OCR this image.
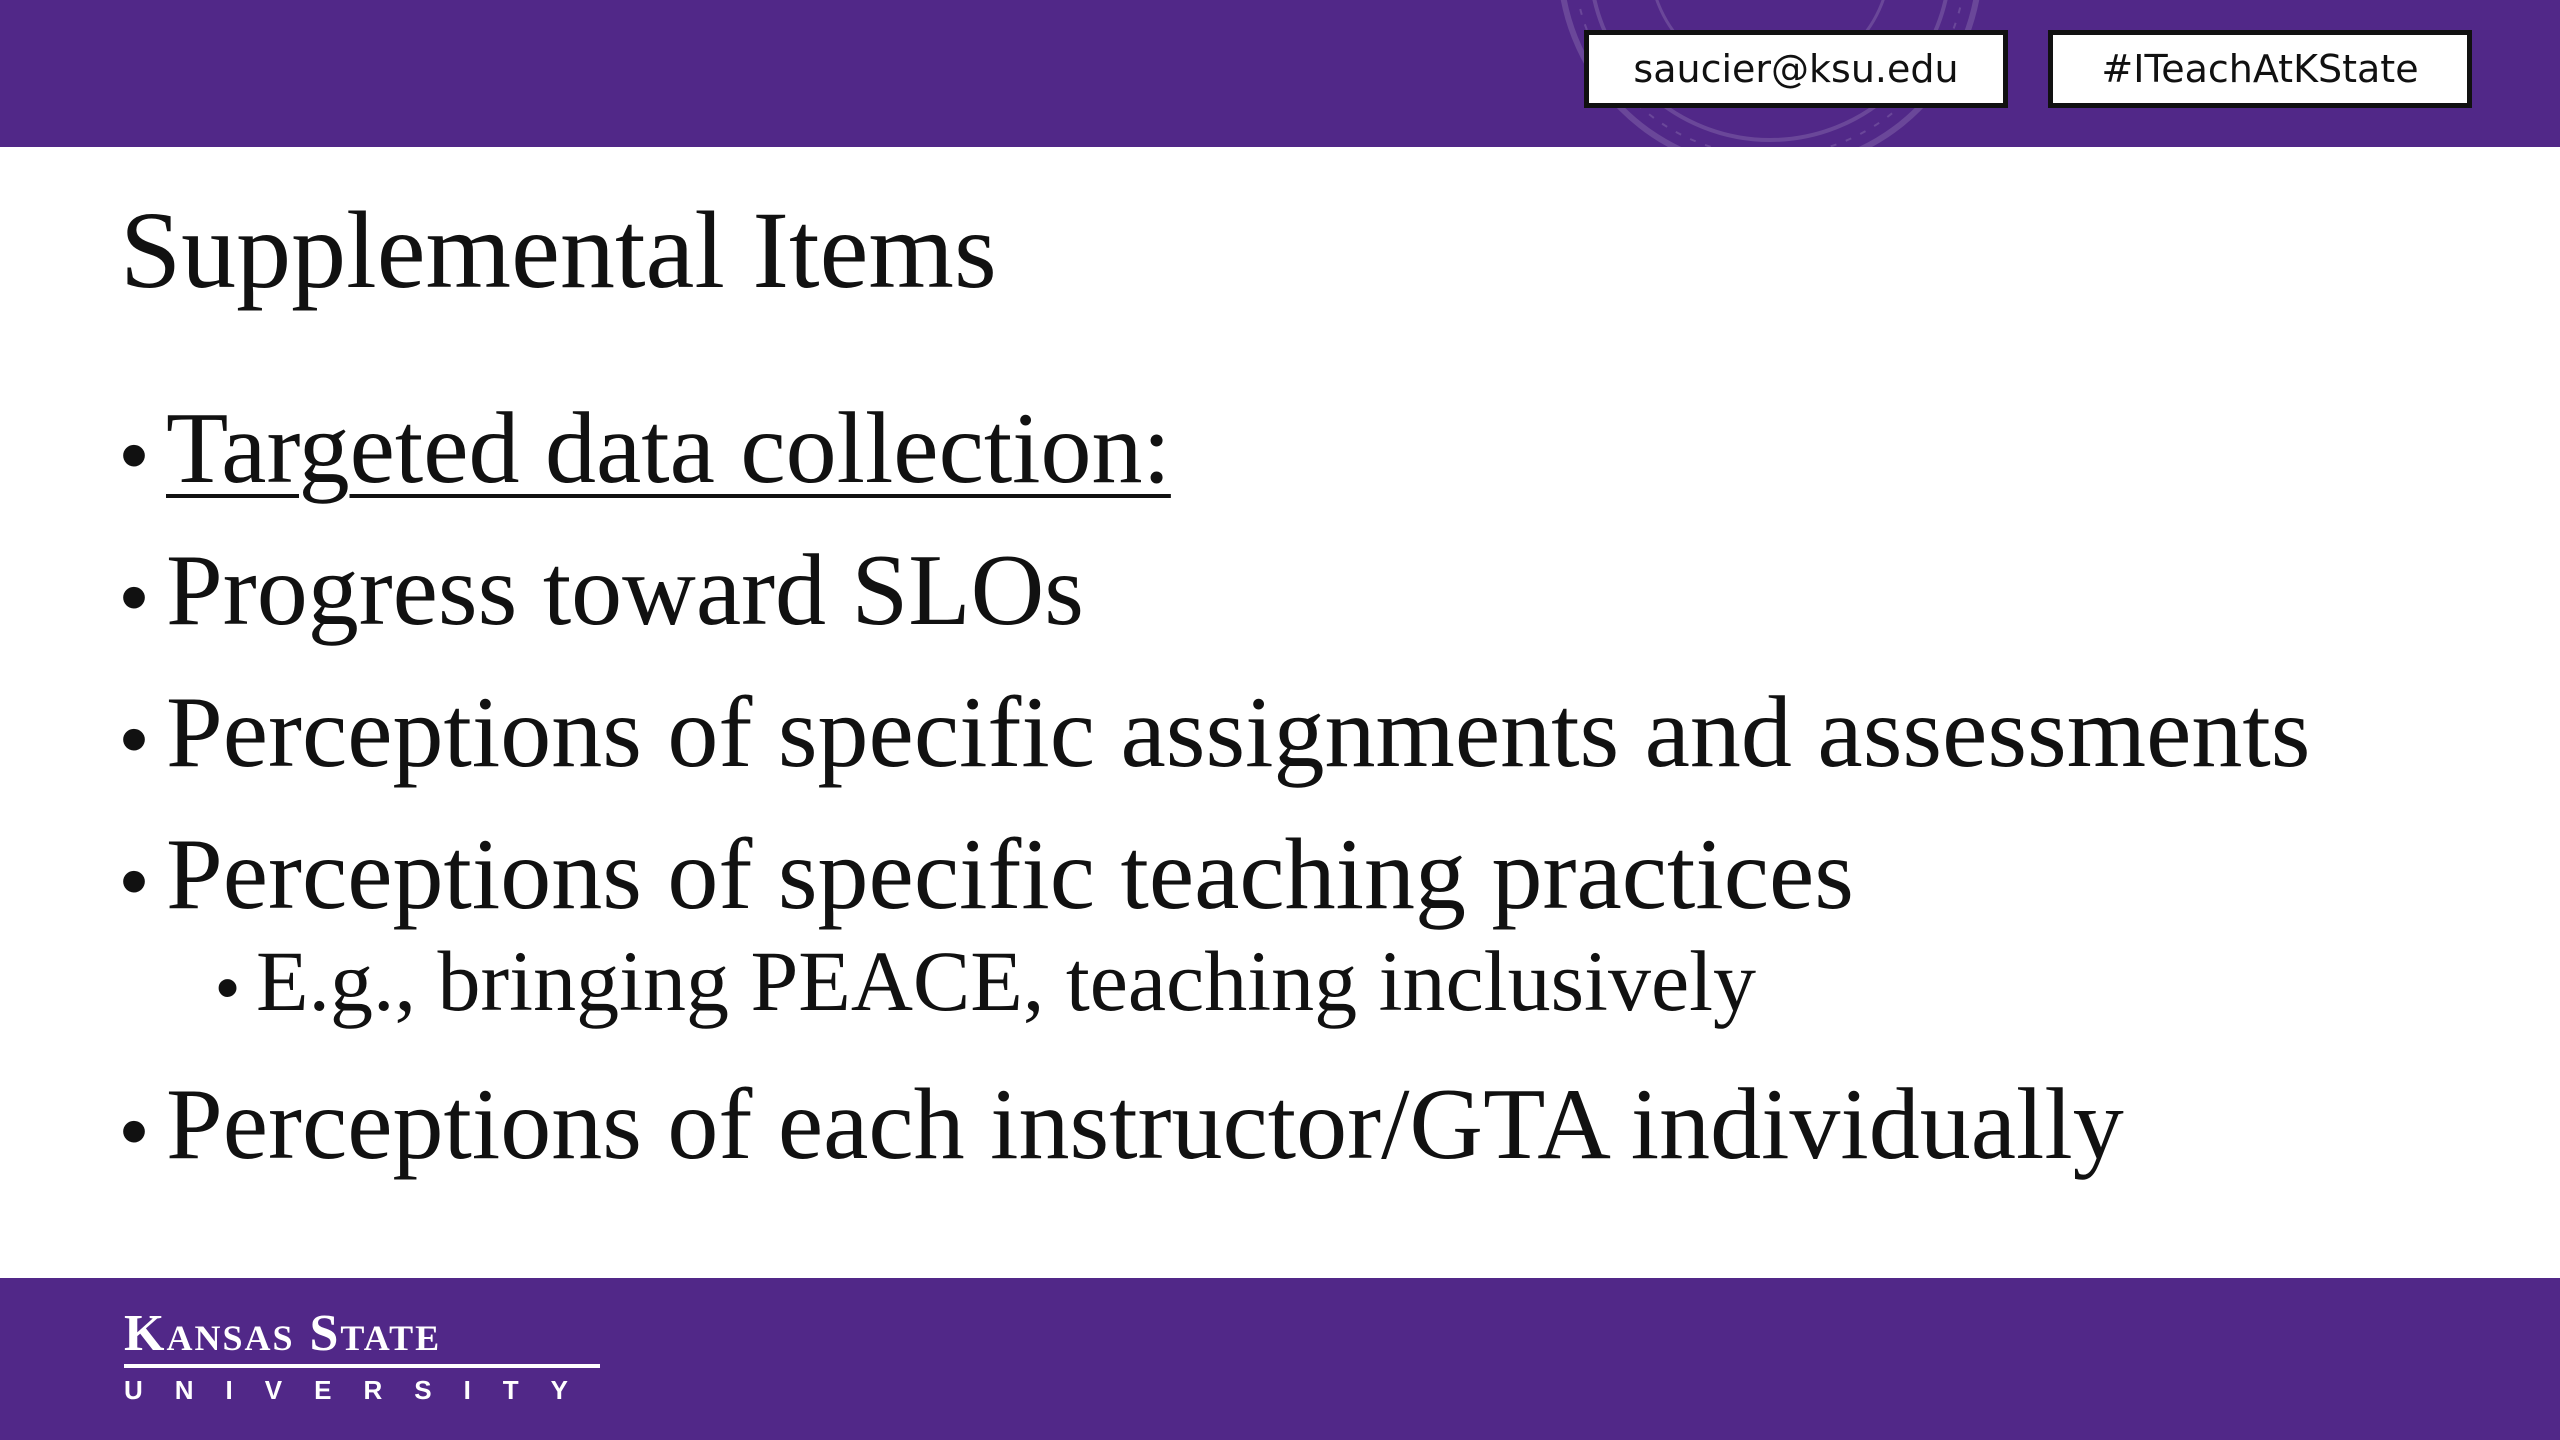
saucier@ksu.edu	#ITeachAtKState
Supplemental Items
• Targeted data collection:
• Progress toward SLOs
• Perceptions of specific assignments and assessments
• Perceptions of specific teaching practices
• E.g., bringing PEACE, teaching inclusively
• Perceptions of each instructor/GTA individually
Kansas State
UNIVERSITY
